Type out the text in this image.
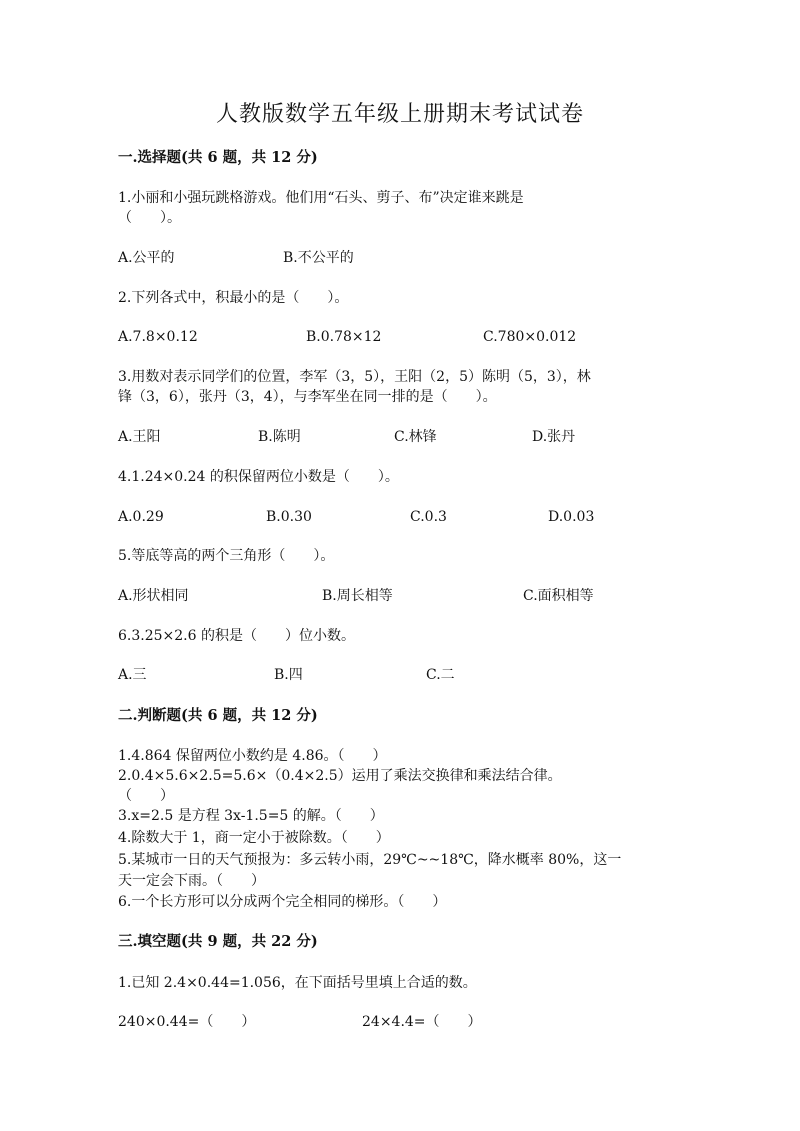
人教版数学五年级上册期末考试试卷
一.选择题(共 6 题，共 12 分)
1.小丽和小强玩跳格游戏。他们用“石头、剪子、布”决定谁来跳是
（　　）。
A.公平的	B.不公平的
2.下列各式中，积最小的是（　　）。
A.7.8×0.12	B.0.78×12	C.780×0.012
3.用数对表示同学们的位置，李军（3，5），王阳（2，5）陈明（5，3），林
锋（3，6），张丹（3，4），与李军坐在同一排的是（　　）。
A.王阳	B.陈明	C.林锋	D.张丹
4.1.24×0.24 的积保留两位小数是（　　）。
A.0.29	B.0.30	C.0.3	D.0.03
5.等底等高的两个三角形（　　）。
A.形状相同	B.周长相等	C.面积相等
6.3.25×2.6 的积是（　　）位小数。
A.三	B.四	C.二
二.判断题(共 6 题，共 12 分)
1.4.864 保留两位小数约是 4.86。（　　）
2.0.4×5.6×2.5=5.6×（0.4×2.5）运用了乘法交换律和乘法结合律。
（　　）
3.x=2.5 是方程 3x-1.5=5 的解。（　　）
4.除数大于 1，商一定小于被除数。（　　）
5.某城市一日的天气预报为：多云转小雨，29℃~~18℃，降水概率 80%，这一
天一定会下雨。（　　）
6.一个长方形可以分成两个完全相同的梯形。（　　）
三.填空题(共 9 题，共 22 分)
1.已知 2.4×0.44=1.056，在下面括号里填上合适的数。
240×0.44=（　　）	24×4.4=（　　）
